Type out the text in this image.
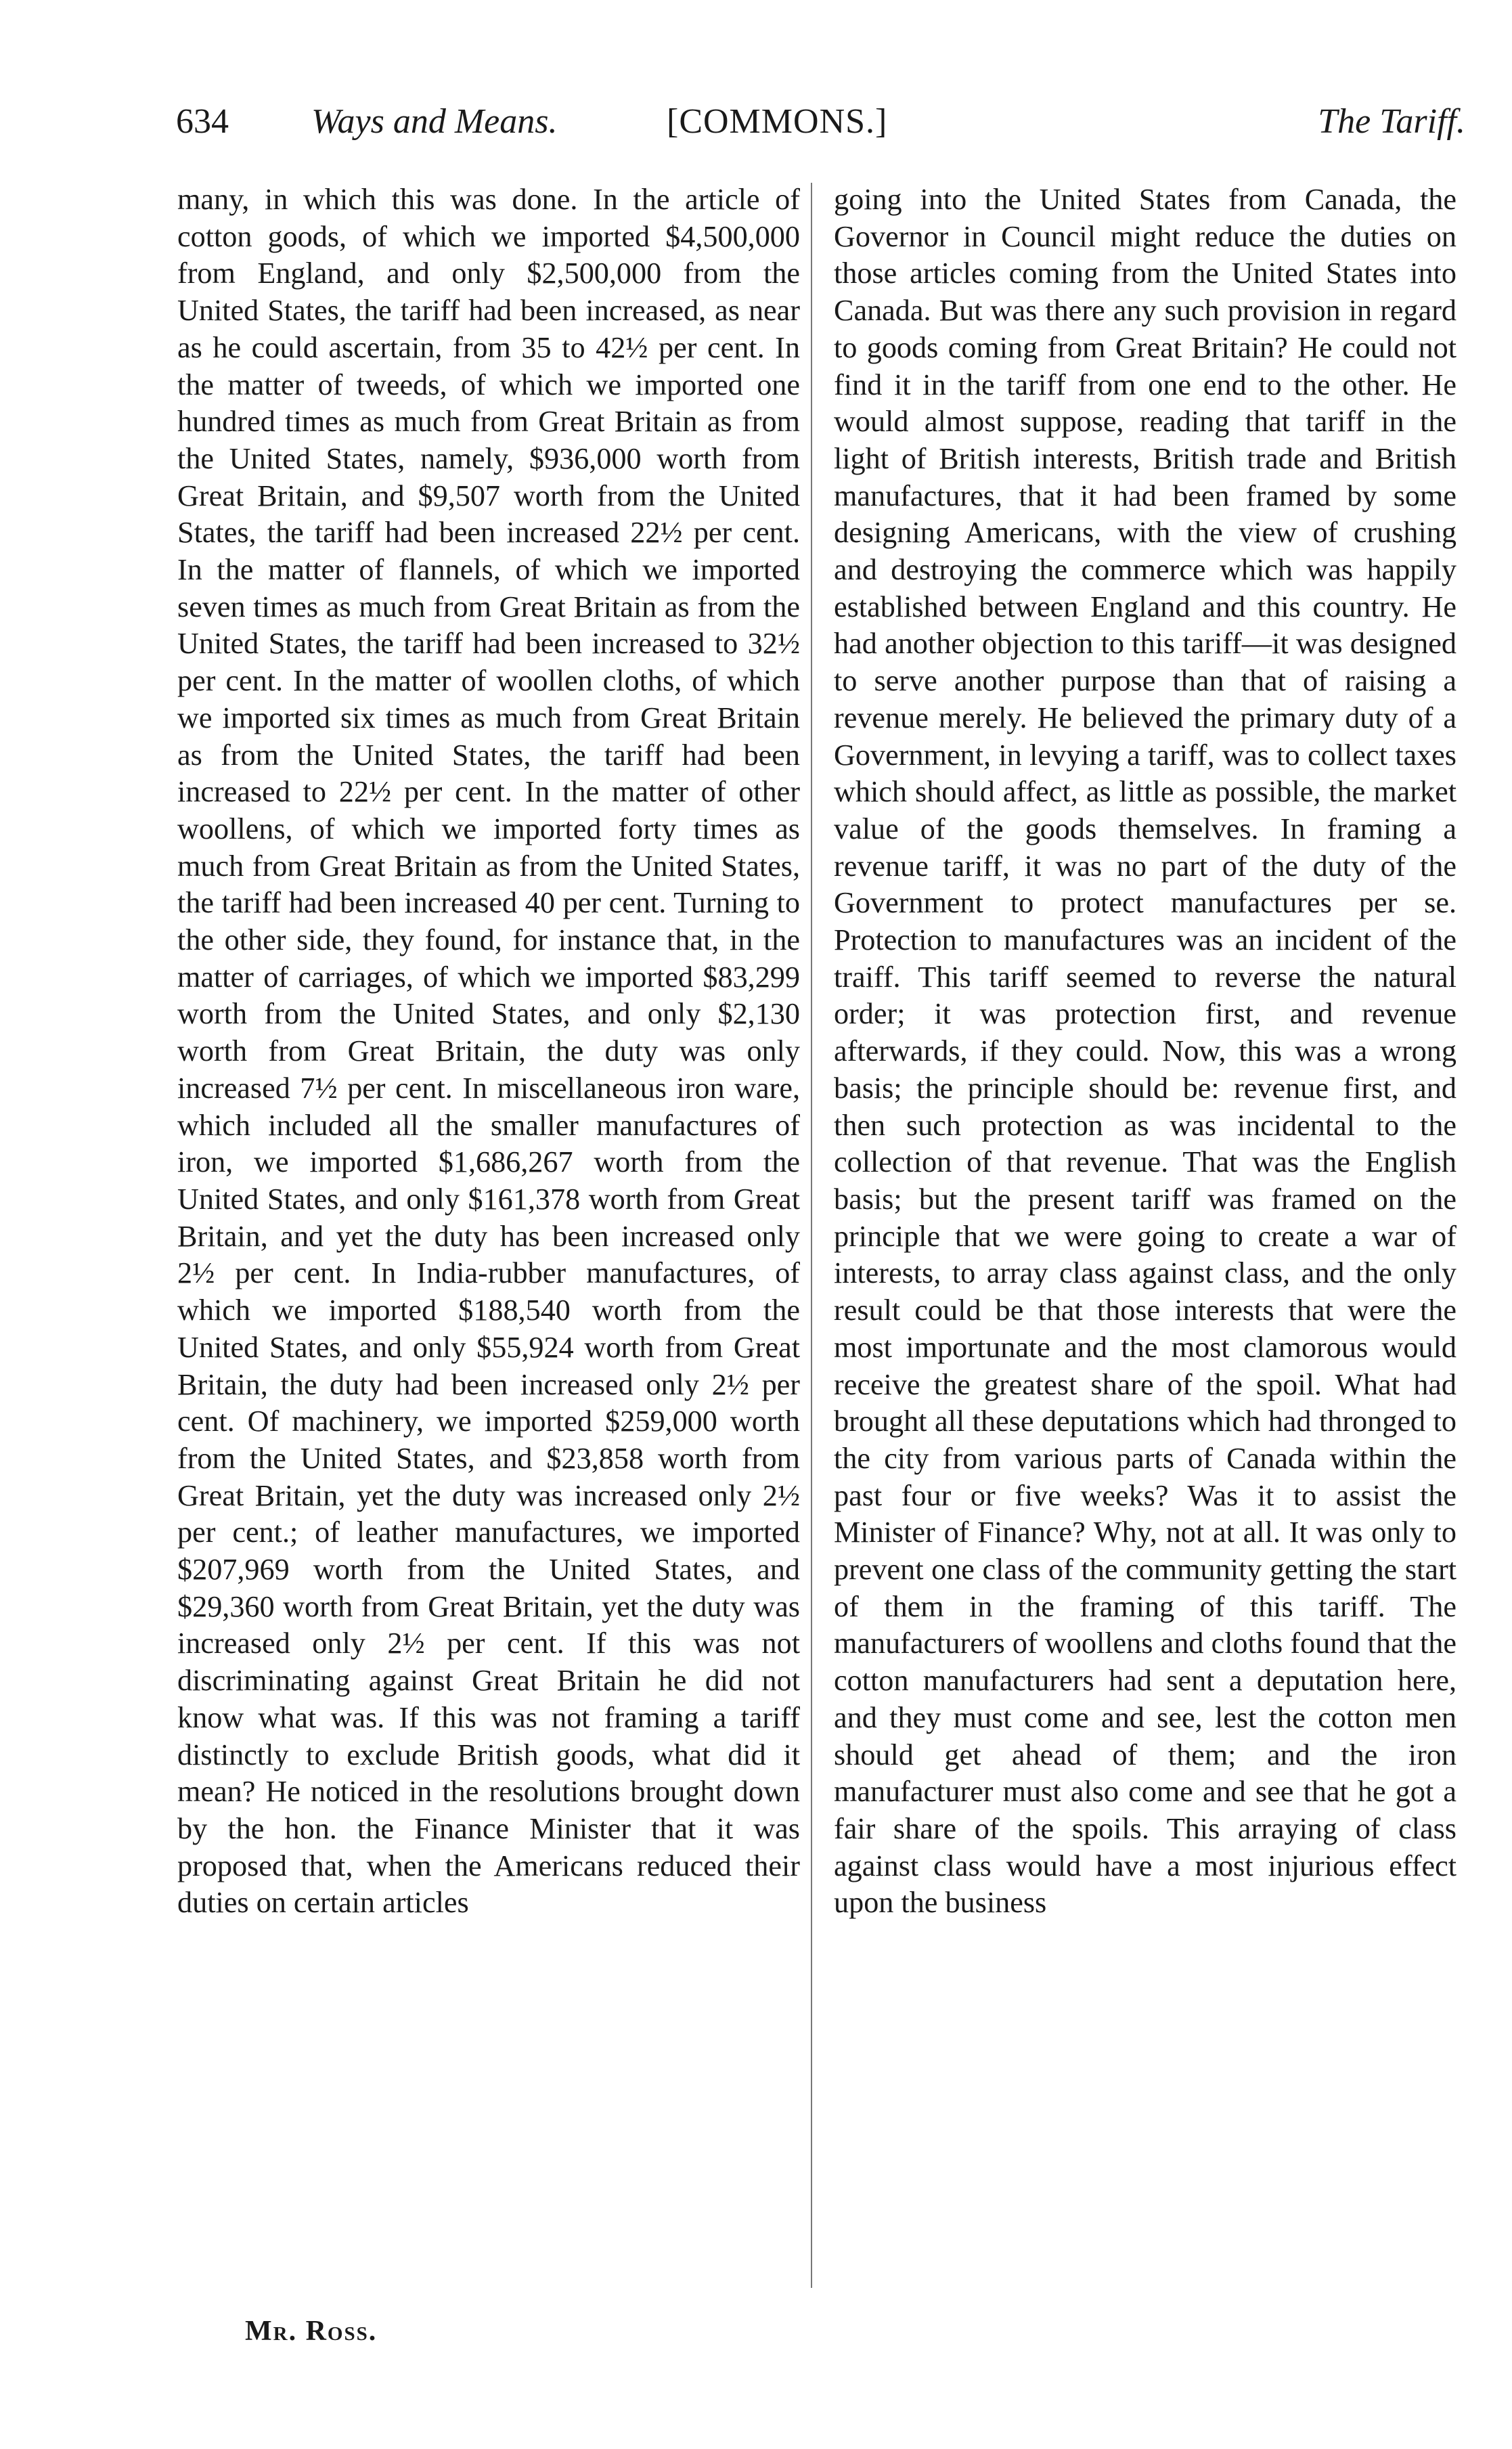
634 Ways and Means.	[COMMONS.]	The Tariff.

many, in which this was done. In the article of cotton goods, of which we imported $4,500,000 from England, and only $2,500,000 from the United States, the tariff had been increased, as near as he could ascertain, from 35 to 42½ per cent. In the matter of tweeds, of which we imported one hundred times as much from Great Britain as from the United States, namely, $936,000 worth from Great Britain, and $9,507 worth from the United States, the tariff had been increased 22½ per cent. In the matter of flannels, of which we imported seven times as much from Great Britain as from the United States, the tariff had been increased to 32½ per cent. In the matter of woollen cloths, of which we imported six times as much from Great Britain as from the United States, the tariff had been increased to 22½ per cent. In the matter of other woollens, of which we imported forty times as much from Great Britain as from the United States, the tariff had been increased 40 per cent. Turning to the other side, they found, for instance that, in the matter of carriages, of which we imported $83,299 worth from the United States, and only $2,130 worth from Great Britain, the duty was only increased 7½ per cent. In miscellaneous iron ware, which included all the smaller manufactures of iron, we imported $1,686,267 worth from the United States, and only $161,378 worth from Great Britain, and yet the duty has been increased only 2½ per cent. In India-rubber manufactures, of which we imported $188,540 worth from the United States, and only $55,924 worth from Great Britain, the duty had been increased only 2½ per cent. Of machinery, we imported $259,000 worth from the United States, and $23,858 worth from Great Britain, yet the duty was increased only 2½ per cent.; of leather manufactures, we imported $207,969 worth from the United States, and $29,360 worth from Great Britain, yet the duty was increased only 2½ per cent. If this was not discriminating against Great Britain he did not know what was. If this was not framing a tariff distinctly to exclude British goods, what did it mean? He noticed in the resolutions brought down by the hon. the Finance Minister that it was proposed that, when the Americans reduced their duties on certain articles

going into the United States from Canada, the Governor in Council might reduce the duties on those articles coming from the United States into Canada. But was there any such provision in regard to goods coming from Great Britain? He could not find it in the tariff from one end to the other. He would almost suppose, reading that tariff in the light of British interests, British trade and British manufactures, that it had been framed by some designing Americans, with the view of crushing and destroying the commerce which was happily established between England and this country. He had another objection to this tariff—it was designed to serve another purpose than that of raising a revenue merely. He believed the primary duty of a Government, in levying a tariff, was to collect taxes which should affect, as little as possible, the market value of the goods themselves. In framing a revenue tariff, it was no part of the duty of the Government to protect manufactures per se. Protection to manufactures was an incident of the traiff. This tariff seemed to reverse the natural order; it was protection first, and revenue afterwards, if they could. Now, this was a wrong basis; the principle should be: revenue first, and then such protection as was incidental to the collection of that revenue. That was the English basis; but the present tariff was framed on the principle that we were going to create a war of interests, to array class against class, and the only result could be that those interests that were the most importunate and the most clamorous would receive the greatest share of the spoil. What had brought all these deputations which had thronged to the city from various parts of Canada within the past four or five weeks? Was it to assist the Minister of Finance? Why, not at all. It was only to prevent one class of the community getting the start of them in the framing of this tariff. The manufacturers of woollens and cloths found that the cotton manufacturers had sent a deputation here, and they must come and see, lest the cotton men should get ahead of them; and the iron manufacturer must also come and see that he got a fair share of the spoils. This arraying of class against class would have a most injurious effect upon the business

Mr. Ross.
